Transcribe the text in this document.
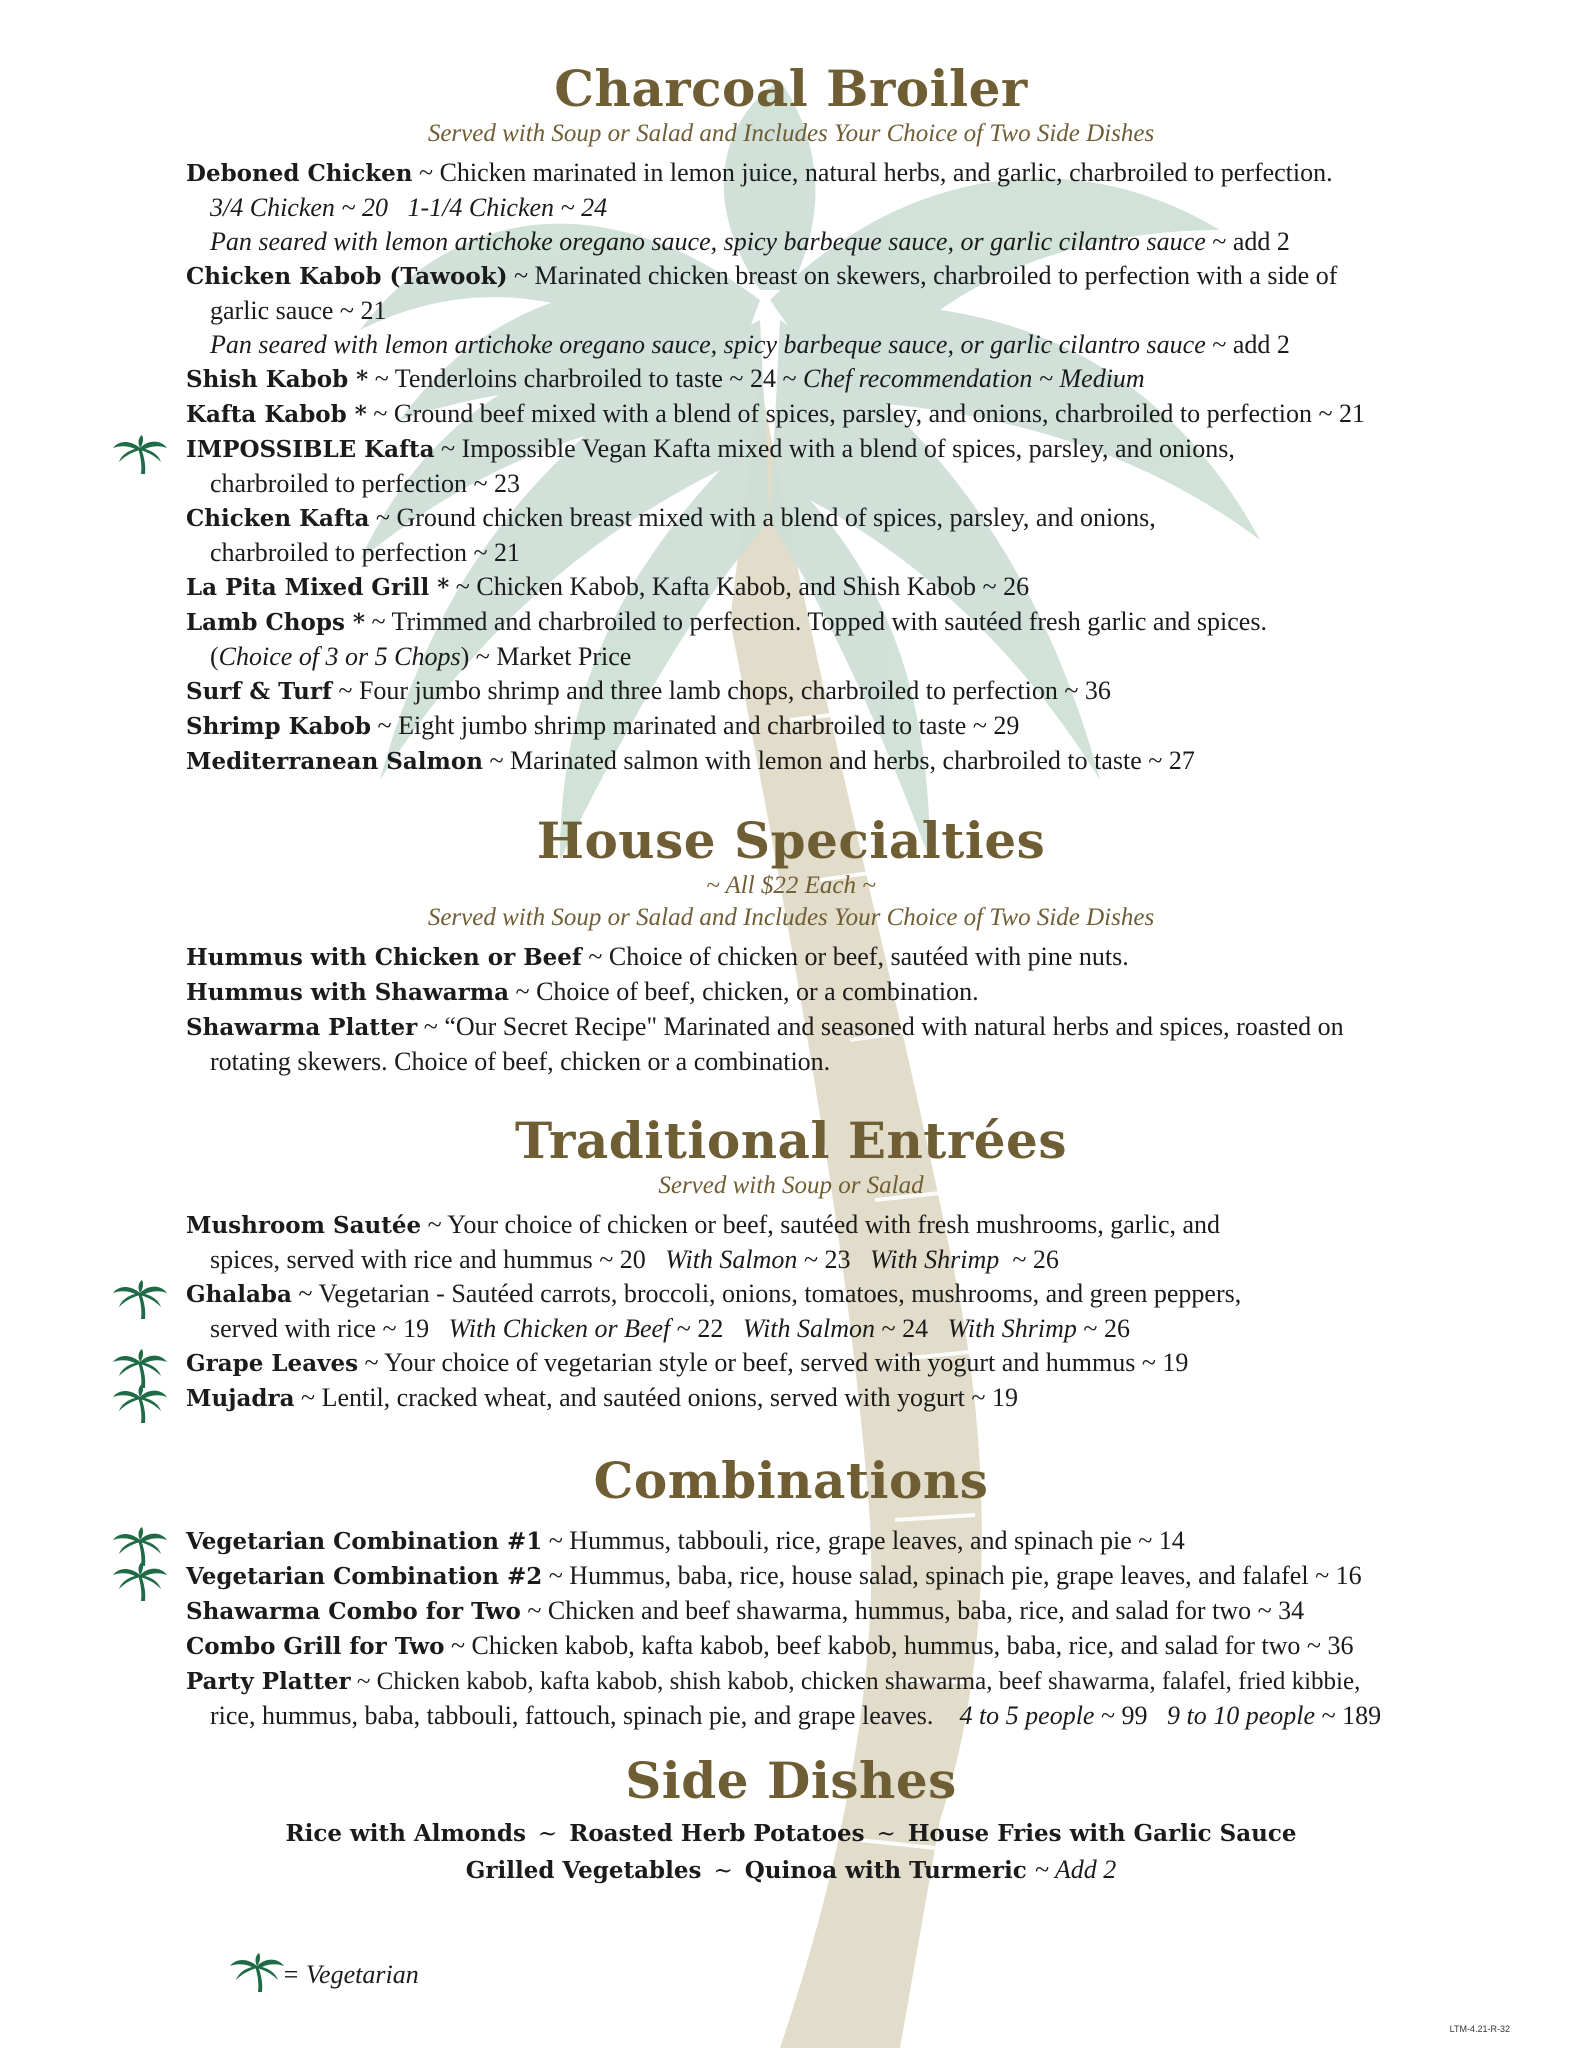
Charcoal Broiler
Served with Soup or Salad and Includes Your Choice of Two Side Dishes
Deboned Chicken ~ Chicken marinated in lemon juice, natural herbs, and garlic, charbroiled to perfection.
3/4 Chicken ~ 20   1-1/4 Chicken ~ 24
Pan seared with lemon artichoke oregano sauce, spicy barbeque sauce, or garlic cilantro sauce ~ add 2
Chicken Kabob (Tawook) ~ Marinated chicken breast on skewers, charbroiled to perfection with a side of
garlic sauce ~ 21
Pan seared with lemon artichoke oregano sauce, spicy barbeque sauce, or garlic cilantro sauce ~ add 2
Shish Kabob * ~ Tenderloins charbroiled to taste ~ 24 ~ Chef recommendation ~ Medium
Kafta Kabob * ~ Ground beef mixed with a blend of spices, parsley, and onions, charbroiled to perfection ~ 21
IMPOSSIBLE Kafta ~ Impossible Vegan Kafta mixed with a blend of spices, parsley, and onions,
charbroiled to perfection ~ 23
Chicken Kafta ~ Ground chicken breast mixed with a blend of spices, parsley, and onions,
charbroiled to perfection ~ 21
La Pita Mixed Grill * ~ Chicken Kabob, Kafta Kabob, and Shish Kabob ~ 26
Lamb Chops * ~ Trimmed and charbroiled to perfection. Topped with sautéed fresh garlic and spices.
(Choice of 3 or 5 Chops) ~ Market Price
Surf & Turf ~ Four jumbo shrimp and three lamb chops, charbroiled to perfection ~ 36
Shrimp Kabob ~ Eight jumbo shrimp marinated and charbroiled to taste ~ 29
Mediterranean Salmon ~ Marinated salmon with lemon and herbs, charbroiled to taste ~ 27
House Specialties
~ All $22 Each ~
Served with Soup or Salad and Includes Your Choice of Two Side Dishes
Hummus with Chicken or Beef ~ Choice of chicken or beef, sautéed with pine nuts.
Hummus with Shawarma ~ Choice of beef, chicken, or a combination.
Shawarma Platter ~ “Our Secret Recipe" Marinated and seasoned with natural herbs and spices, roasted on
rotating skewers. Choice of beef, chicken or a combination.
Traditional Entrées
Served with Soup or Salad
Mushroom Sautée ~ Your choice of chicken or beef, sautéed with fresh mushrooms, garlic, and
spices, served with rice and hummus ~ 20 With Salmon ~ 23 With Shrimp  ~ 26
Ghalaba ~ Vegetarian - Sautéed carrots, broccoli, onions, tomatoes, mushrooms, and green peppers,
served with rice ~ 19 With Chicken or Beef ~ 22 With Salmon ~ 24 With Shrimp ~ 26
Grape Leaves ~ Your choice of vegetarian style or beef, served with yogurt and hummus ~ 19
Mujadra ~ Lentil, cracked wheat, and sautéed onions, served with yogurt ~ 19
Combinations
Vegetarian Combination #1 ~ Hummus, tabbouli, rice, grape leaves, and spinach pie ~ 14
Vegetarian Combination #2 ~ Hummus, baba, rice, house salad, spinach pie, grape leaves, and falafel ~ 16
Shawarma Combo for Two ~ Chicken and beef shawarma, hummus, baba, rice, and salad for two ~ 34
Combo Grill for Two ~ Chicken kabob, kafta kabob, beef kabob, hummus, baba, rice, and salad for two ~ 36
Party Platter ~ Chicken kabob, kafta kabob, shish kabob, chicken shawarma, beef shawarma, falafel, fried kibbie,
rice, hummus, baba, tabbouli, fattouch, spinach pie, and grape leaves. 4 to 5 people ~ 99 9 to 10 people ~ 189
Side Dishes
Rice with Almonds ~ Roasted Herb Potatoes ~ House Fries with Garlic Sauce
Grilled Vegetables ~ Quinoa with Turmeric ~ Add 2
= Vegetarian
LTM-4.21-R-32
